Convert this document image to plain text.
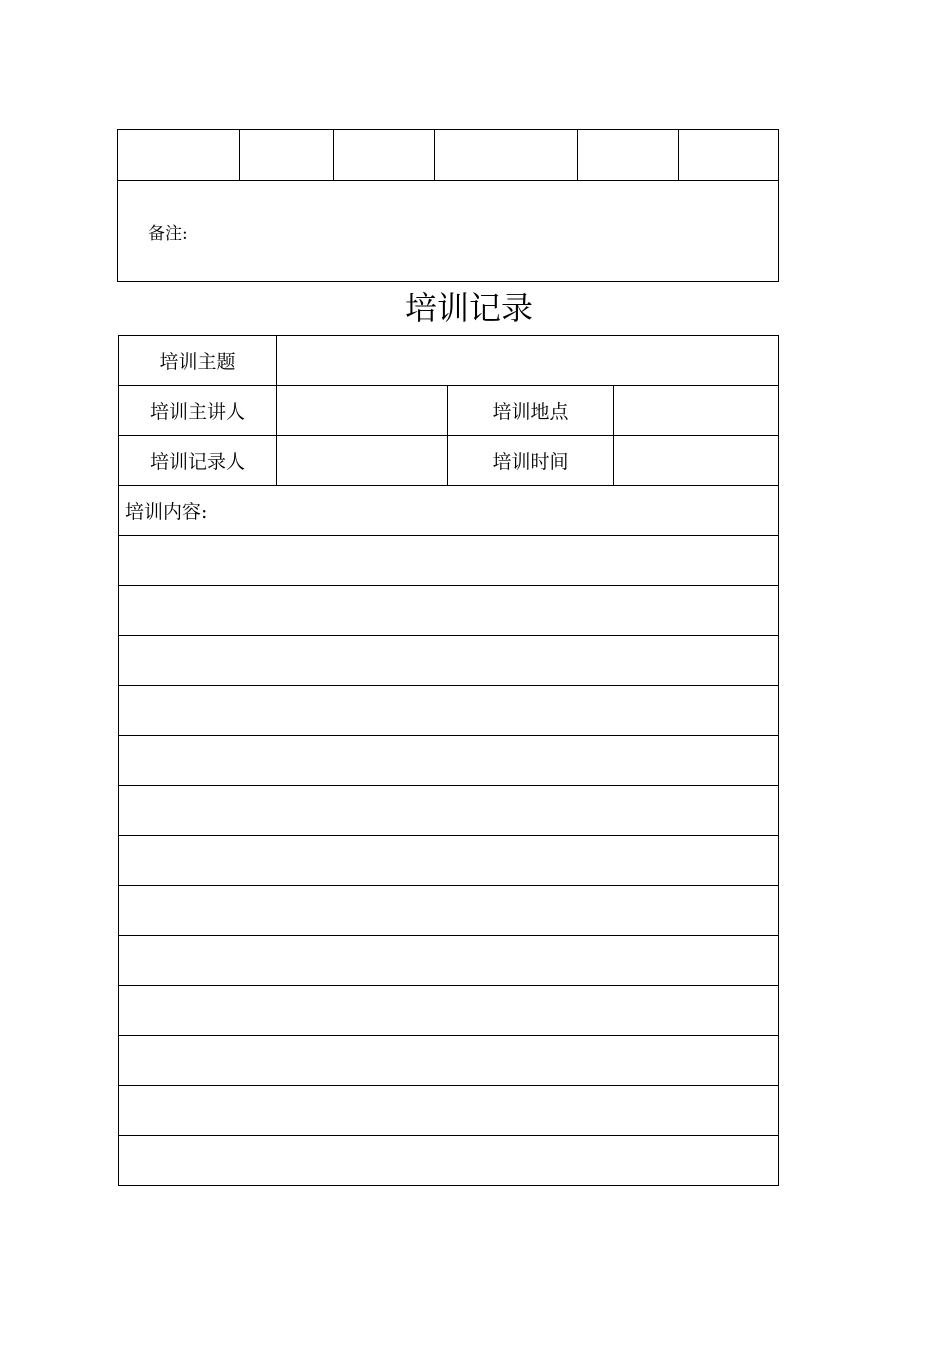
备注:
培训记录
培训主题			
培训主讲人		培训地点	
培训记录人		培训时间	
培训内容:			
